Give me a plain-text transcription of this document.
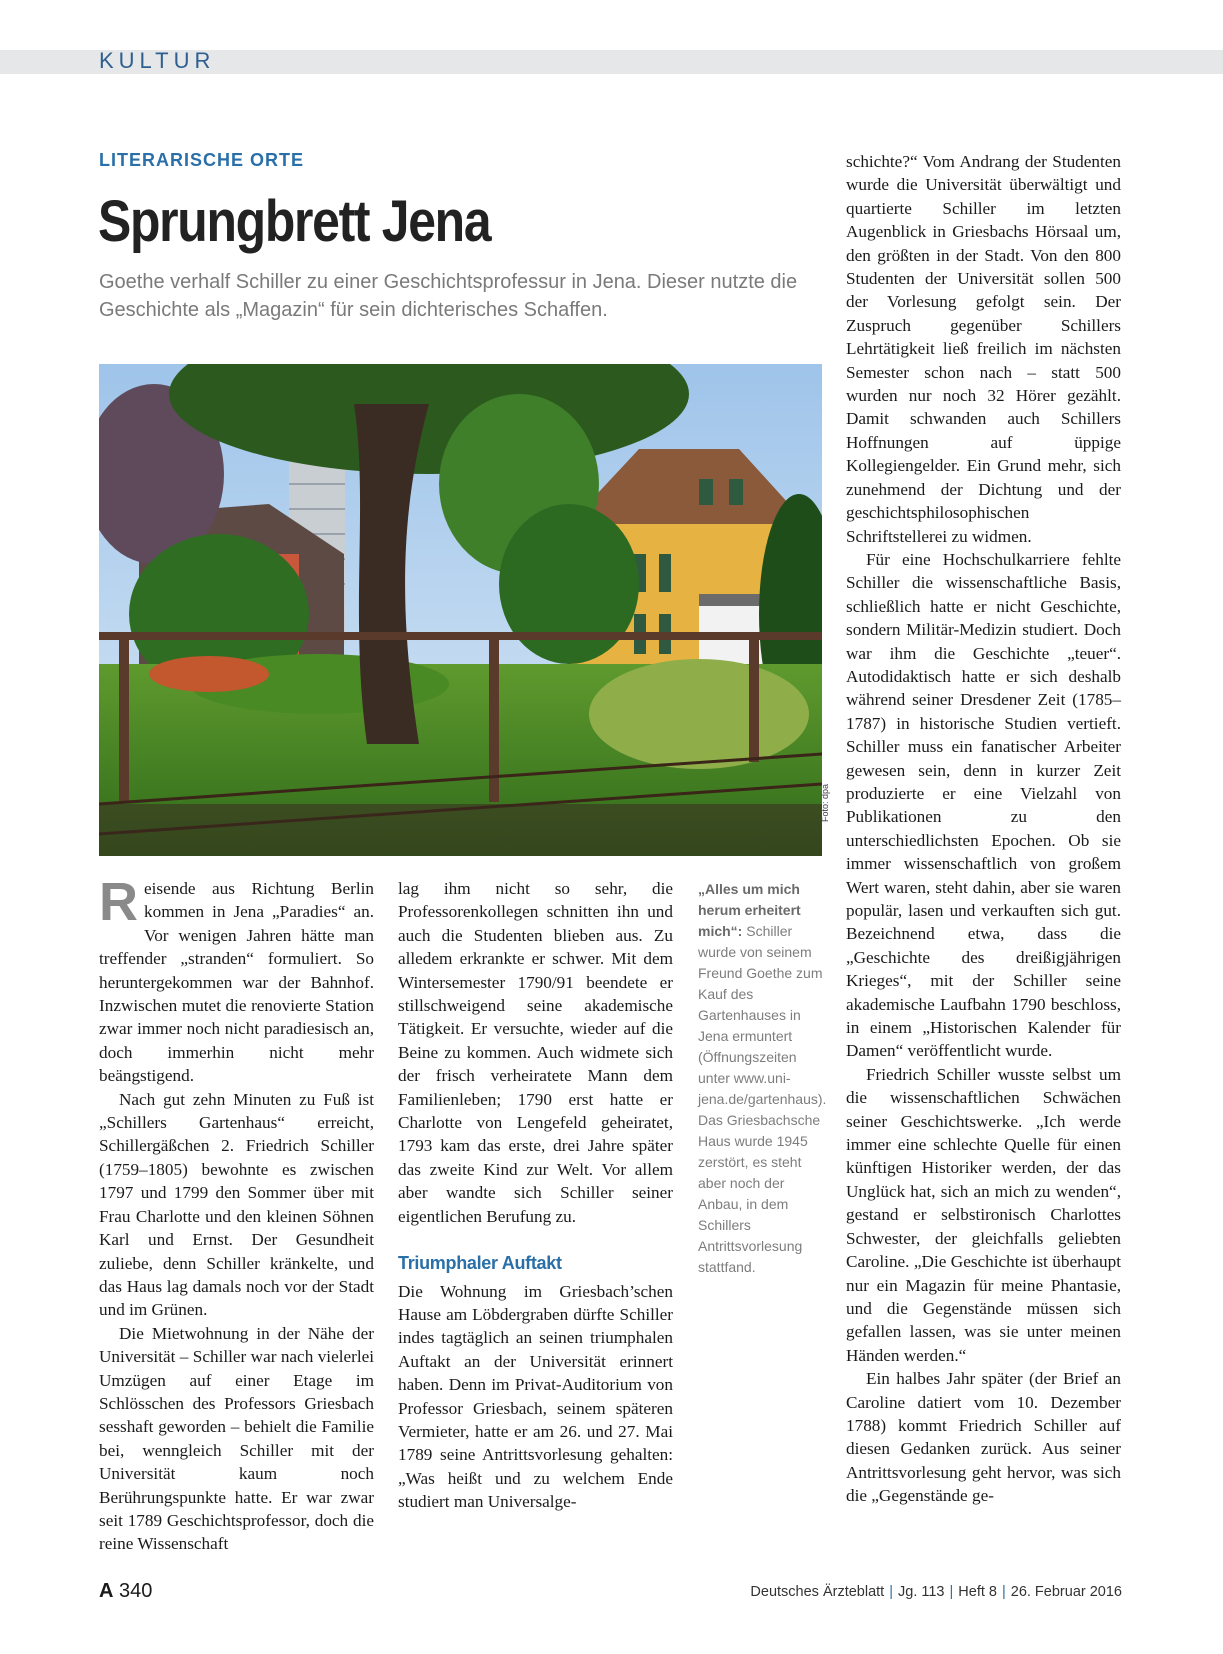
KULTUR
LITERARISCHE ORTE
Sprungbrett Jena
Goethe verhalf Schiller zu einer Geschichtsprofessur in Jena. Dieser nutzte die Geschichte als „Magazin“ für sein dichterisches Schaffen.
Foto: dpa

Reisende aus Richtung Berlin kommen in Jena „Paradies“ an. Vor wenigen Jahren hätte man treffender „stranden“ formuliert. So heruntergekommen war der Bahnhof. Inzwischen mutet die renovierte Station zwar immer noch nicht paradiesisch an, doch immerhin nicht mehr beängstigend.

Nach gut zehn Minuten zu Fuß ist „Schillers Gartenhaus“ erreicht, Schillergäßchen 2. Friedrich Schiller (1759–1805) bewohnte es zwischen 1797 und 1799 den Sommer über mit Frau Charlotte und den kleinen Söhnen Karl und Ernst. Der Gesundheit zuliebe, denn Schiller kränkelte, und das Haus lag damals noch vor der Stadt und im Grünen.

Die Mietwohnung in der Nähe der Universität – Schiller war nach vielerlei Umzügen auf einer Etage im Schlösschen des Professors Griesbach sesshaft geworden – behielt die Familie bei, wenngleich Schiller mit der Universität kaum noch Berührungspunkte hatte. Er war zwar seit 1789 Geschichtsprofessor, doch die reine Wissenschaft

lag ihm nicht so sehr, die Professorenkollegen schnitten ihn und auch die Studenten blieben aus. Zu alledem erkrankte er schwer. Mit dem Wintersemester 1790/91 beendete er stillschweigend seine akademische Tätigkeit. Er versuchte, wieder auf die Beine zu kommen. Auch widmete sich der frisch verheiratete Mann dem Familienleben; 1790 erst hatte er Charlotte von Lengefeld geheiratet, 1793 kam das erste, drei Jahre später das zweite Kind zur Welt. Vor allem aber wandte sich Schiller seiner eigentlichen Berufung zu.

Triumphaler Auftakt

Die Wohnung im Griesbach’schen Hause am Löbdergraben dürfte Schiller indes tagtäglich an seinen triumphalen Auftakt an der Universität erinnert haben. Denn im Privat-Auditorium von Professor Griesbach, seinem späteren Vermieter, hatte er am 26. und 27. Mai 1789 seine Antrittsvorlesung gehalten: „Was heißt und zu welchem Ende studiert man Universalge-

„Alles um mich herum erheitert mich“: Schiller wurde von seinem Freund Goethe zum Kauf des Gartenhauses in Jena ermuntert (Öffnungszeiten unter www.uni-jena.de/gartenhaus). Das Griesbachsche Haus wurde 1945 zerstört, es steht aber noch der Anbau, in dem Schillers Antrittsvorlesung stattfand.

schichte?“ Vom Andrang der Studenten wurde die Universität überwältigt und quartierte Schiller im letzten Augenblick in Griesbachs Hörsaal um, den größten in der Stadt. Von den 800 Studenten der Universität sollen 500 der Vorlesung gefolgt sein. Der Zuspruch gegenüber Schillers Lehrtätigkeit ließ freilich im nächsten Semester schon nach – statt 500 wurden nur noch 32 Hörer gezählt. Damit schwanden auch Schillers Hoffnungen auf üppige Kollegiengelder. Ein Grund mehr, sich zunehmend der Dichtung und der geschichtsphilosophischen Schriftstellerei zu widmen.

Für eine Hochschulkarriere fehlte Schiller die wissenschaftliche Basis, schließlich hatte er nicht Geschichte, sondern Militär-Medizin studiert. Doch war ihm die Geschichte „teuer“. Autodidaktisch hatte er sich deshalb während seiner Dresdener Zeit (1785–1787) in historische Studien vertieft. Schiller muss ein fanatischer Arbeiter gewesen sein, denn in kurzer Zeit produzierte er eine Vielzahl von Publikationen zu den unterschiedlichsten Epochen. Ob sie immer wissenschaftlich von großem Wert waren, steht dahin, aber sie waren populär, lasen und verkauften sich gut. Bezeichnend etwa, dass die „Geschichte des dreißigjährigen Krieges“, mit der Schiller seine akademische Laufbahn 1790 beschloss, in einem „Historischen Kalender für Damen“ veröffentlicht wurde.

Friedrich Schiller wusste selbst um die wissenschaftlichen Schwächen seiner Geschichtswerke. „Ich werde immer eine schlechte Quelle für einen künftigen Historiker werden, der das Unglück hat, sich an mich zu wenden“, gestand er selbstironisch Charlottes Schwester, der gleichfalls geliebten Caroline. „Die Geschichte ist überhaupt nur ein Magazin für meine Phantasie, und die Gegenstände müssen sich gefallen lassen, was sie unter meinen Händen werden.“

Ein halbes Jahr später (der Brief an Caroline datiert vom 10. Dezember 1788) kommt Friedrich Schiller auf diesen Gedanken zurück. Aus seiner Antrittsvorlesung geht hervor, was sich die „Gegenstände ge-

A 340	Deutsches Ärzteblatt | Jg. 113 | Heft 8 | 26. Februar 2016
